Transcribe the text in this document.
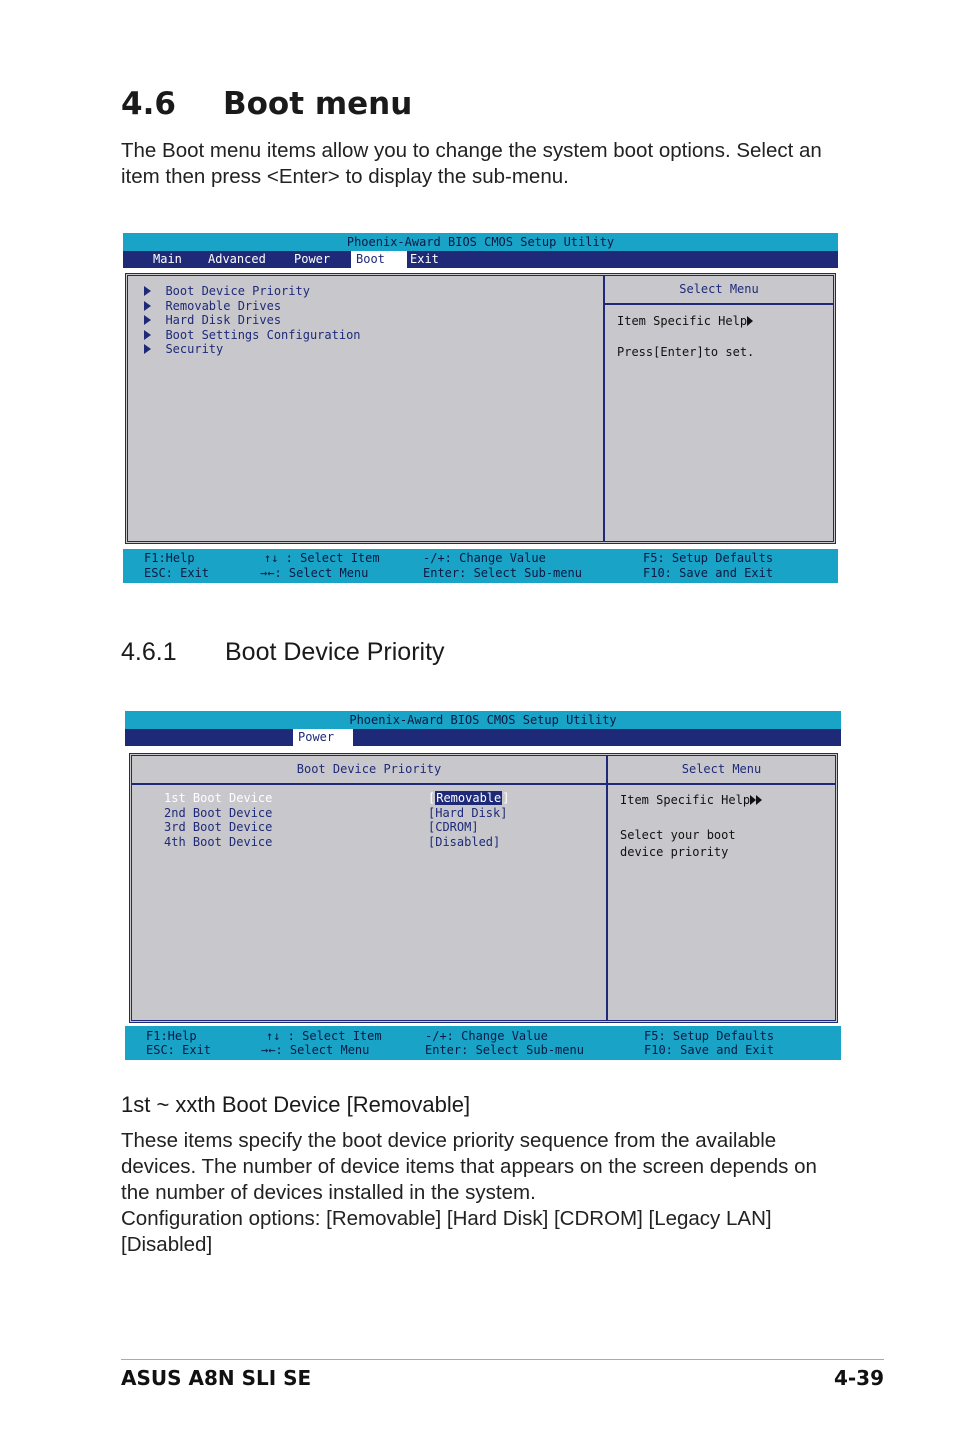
4.6 Boot menu

The Boot menu items allow you to change the system boot options. Select an item then press <Enter> to display the sub-menu.

Phoenix-Award BIOS CMOS Setup Utility
Main	Advanced	Power	Boot	Exit
Boot Device Priority
Removable Drives
Hard Disk Drives
Boot Settings Configuration
Security
Select Menu
Item Specific Help
Press[Enter]to set.
F1:Help
ESC: Exit
↑↓ : Select Item
→←: Select Menu
-/+: Change Value
Enter: Select Sub-menu
F5: Setup Defaults
F10: Save and Exit
4.6.1 Boot Device Priority
Phoenix-Award BIOS CMOS Setup Utility
Power
Boot Device Priority
1st Boot Device	[Removable]
2nd Boot Device	[Hard Disk]
3rd Boot Device	[CDROM]
4th Boot Device	[Disabled]
Select Menu
Item Specific Help
Select your boot
device priority
F1:Help
ESC: Exit
↑↓ : Select Item
→←: Select Menu
-/+: Change Value
Enter: Select Sub-menu
F5: Setup Defaults
F10: Save and Exit
1st ~ xxth Boot Device [Removable]

These items specify the boot device priority sequence from the available devices. The number of device items that appears on the screen depends on the number of devices installed in the system.

Configuration options: [Removable] [Hard Disk] [CDROM] [Legacy LAN] [Disabled]

ASUS A8N SLI SE	4-39
